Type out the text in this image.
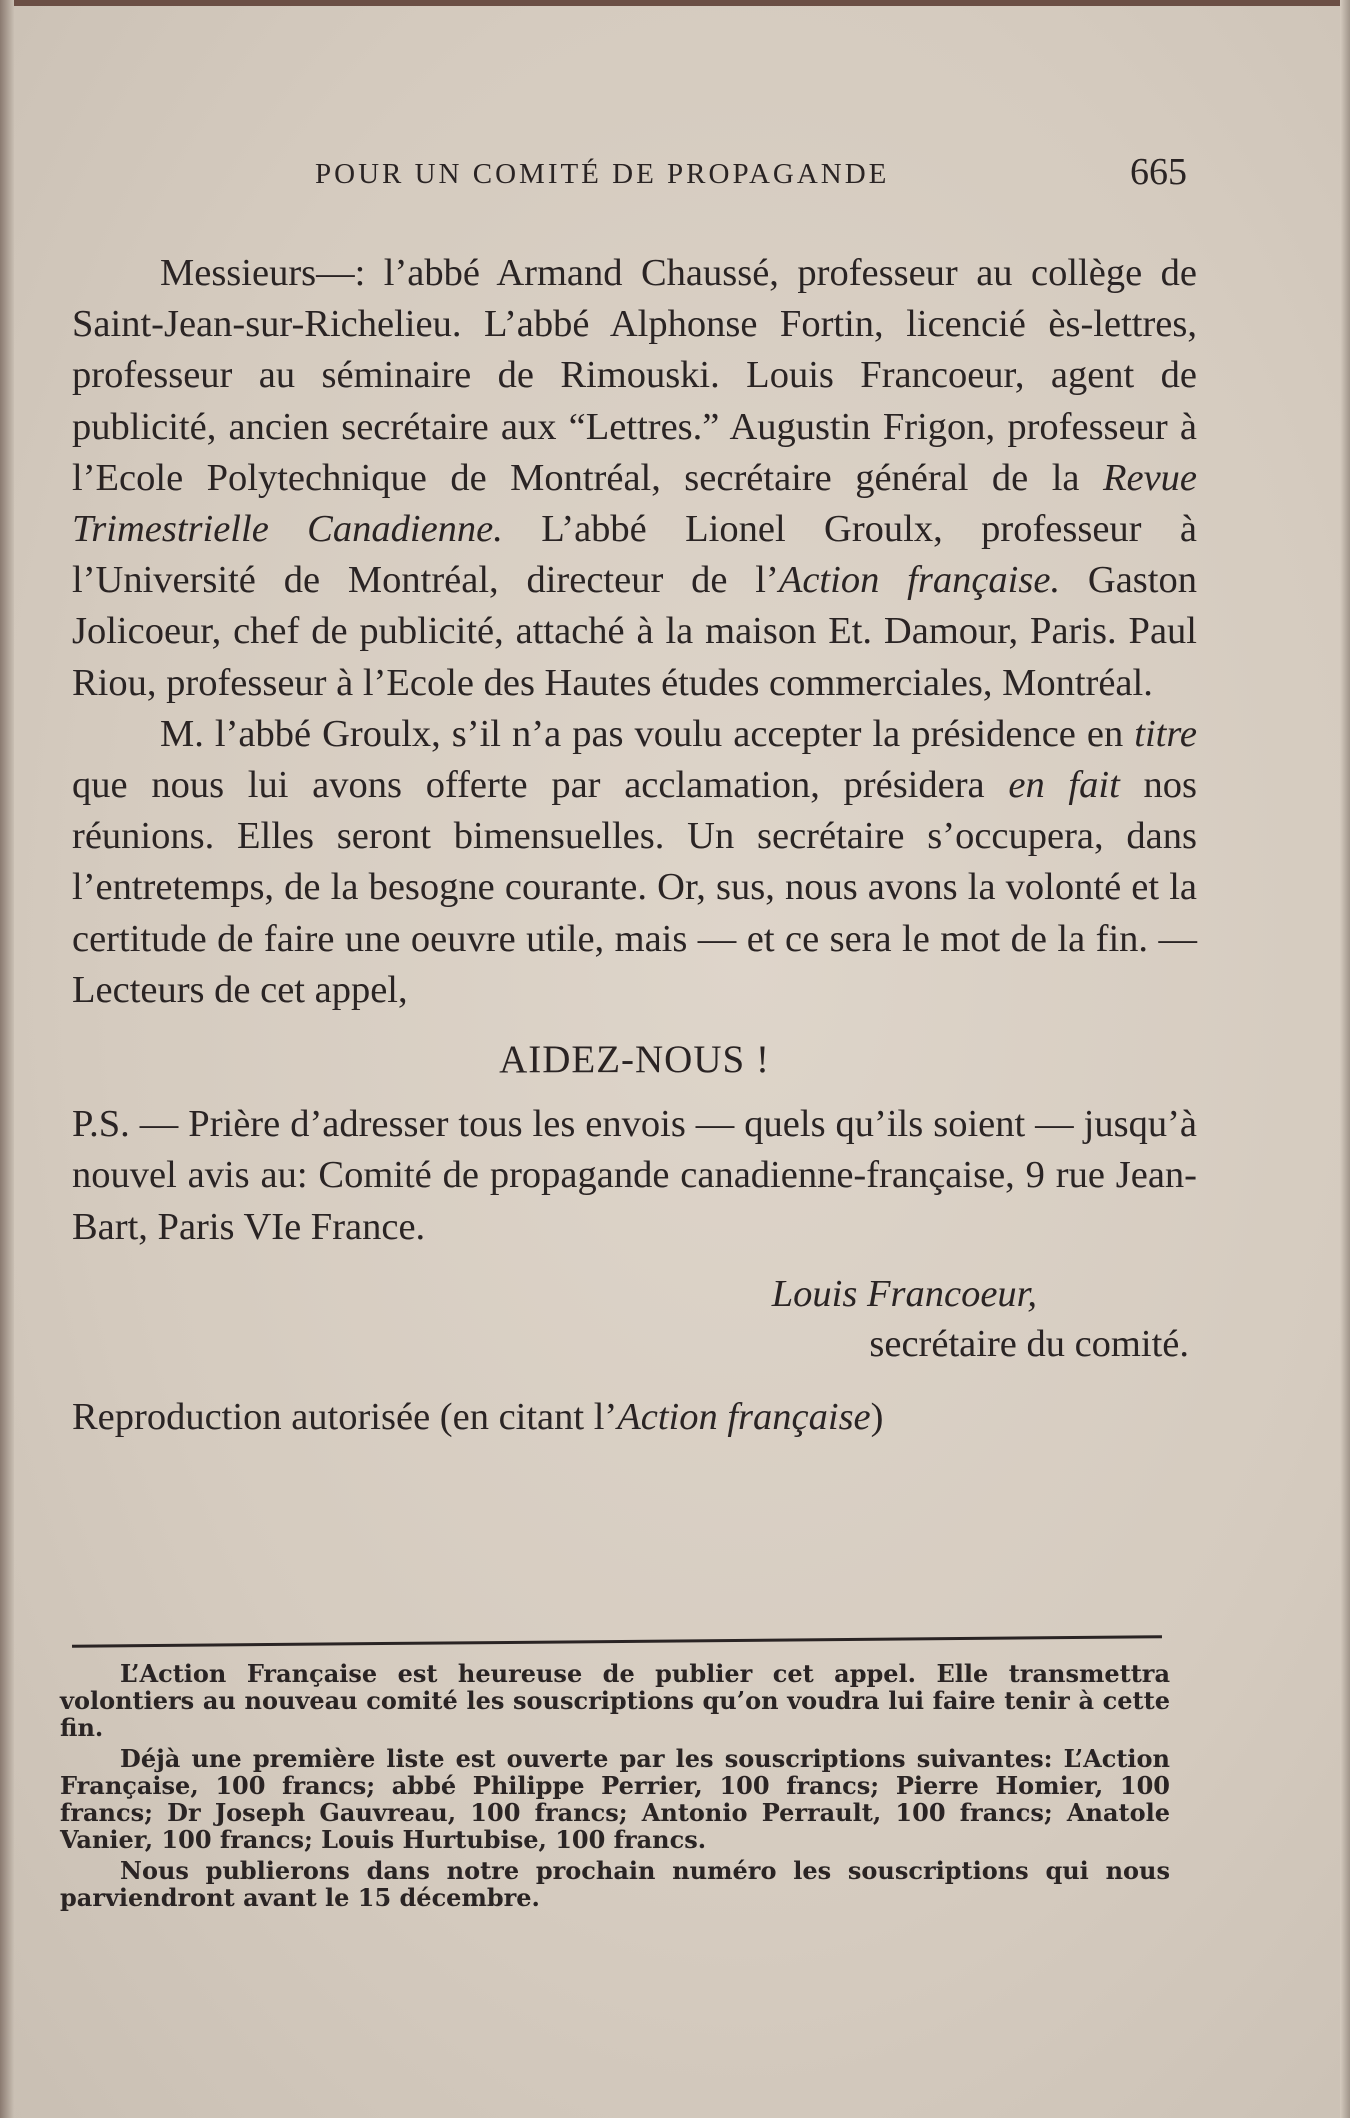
POUR UN COMITÉ DE PROPAGANDE	665

Messieurs—: l’abbé Armand Chaussé, professeur au collège de Saint-Jean-sur-Richelieu. L’abbé Alphonse Fortin, licencié ès-lettres, professeur au séminaire de Rimouski. Louis Francoeur, agent de publicité, ancien secrétaire aux “Lettres.” Augustin Frigon, professeur à l’Ecole Polytechnique de Montréal, secrétaire général de la Revue Trimestrielle Canadienne. L’abbé Lionel Groulx, professeur à l’Université de Montréal, directeur de l’Action française. Gaston Jolicoeur, chef de publicité, attaché à la maison Et. Damour, Paris. Paul Riou, professeur à l’Ecole des Hautes études commerciales, Montréal.

M. l’abbé Groulx, s’il n’a pas voulu accepter la présidence en titre que nous lui avons offerte par acclamation, présidera en fait nos réunions. Elles seront bimensuelles. Un secrétaire s’occupera, dans l’entretemps, de la besogne courante. Or, sus, nous avons la volonté et la certitude de faire une oeuvre utile, mais — et ce sera le mot de la fin. — Lecteurs de cet appel,

AIDEZ-NOUS !

P.S. — Prière d’adresser tous les envois — quels qu’ils soient — jusqu’à nouvel avis au: Comité de propagande canadienne-française, 9 rue Jean-Bart, Paris VIe France.

Louis Francoeur,

secrétaire du comité.

Reproduction autorisée (en citant l’Action française)

L’Action Française est heureuse de publier cet appel. Elle transmettra volontiers au nouveau comité les souscriptions qu’on voudra lui faire tenir à cette fin.

Déjà une première liste est ouverte par les souscriptions suivantes: L’Action Française, 100 francs; abbé Philippe Perrier, 100 francs; Pierre Homier, 100 francs; Dr Joseph Gauvreau, 100 francs; Antonio Perrault, 100 francs; Anatole Vanier, 100 francs; Louis Hurtubise, 100 francs.

Nous publierons dans notre prochain numéro les souscriptions qui nous parviendront avant le 15 décembre.
